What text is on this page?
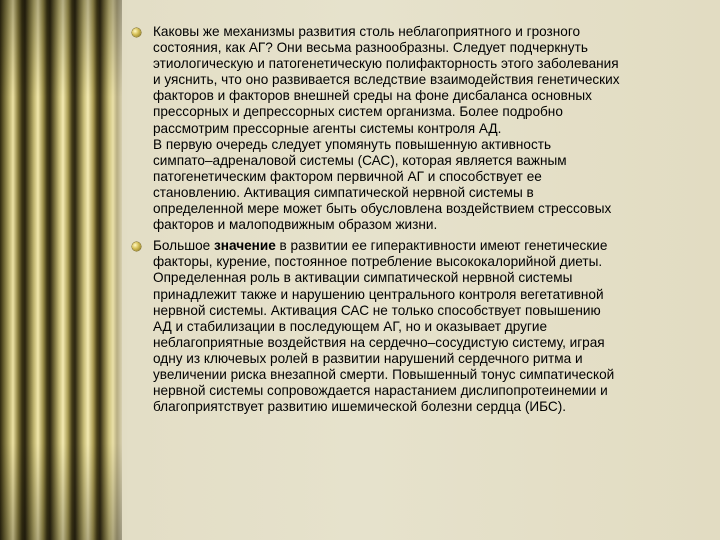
Каковы же механизмы развития столь неблагоприятного и грозного
состояния, как АГ? Они весьма разнообразны. Следует подчеркнуть
этиологическую и патогенетическую полифакторность этого заболевания
и уяснить, что оно развивается вследствие взаимодействия генетических
факторов и факторов внешней среды на фоне дисбаланса основных
прессорных и депрессорных систем организма. Более подробно
рассмотрим прессорные агенты системы контроля АД.
В первую очередь следует упомянуть повышенную активность
симпато–адреналовой системы (САС), которая является важным
патогенетическим фактором первичной АГ и способствует ее
становлению. Активация симпатической нервной системы в
определенной мере может быть обусловлена воздействием стрессовых
факторов и малоподвижным образом жизни.
Большое значение в развитии ее гиперактивности имеют генетические
факторы, курение, постоянное потребление высококалорийной диеты.
Определенная роль в активации симпатической нервной системы
принадлежит также и нарушению центрального контроля вегетативной
нервной системы. Активация САС не только способствует повышению
АД и стабилизации в последующем АГ, но и оказывает другие
неблагоприятные воздействия на сердечно–сосудистую систему, играя
одну из ключевых ролей в развитии нарушений сердечного ритма и
увеличении риска внезапной смерти. Повышенный тонус симпатической
нервной системы сопровождается нарастанием дислипопротеинемии и
благоприятствует развитию ишемической болезни сердца (ИБС).
